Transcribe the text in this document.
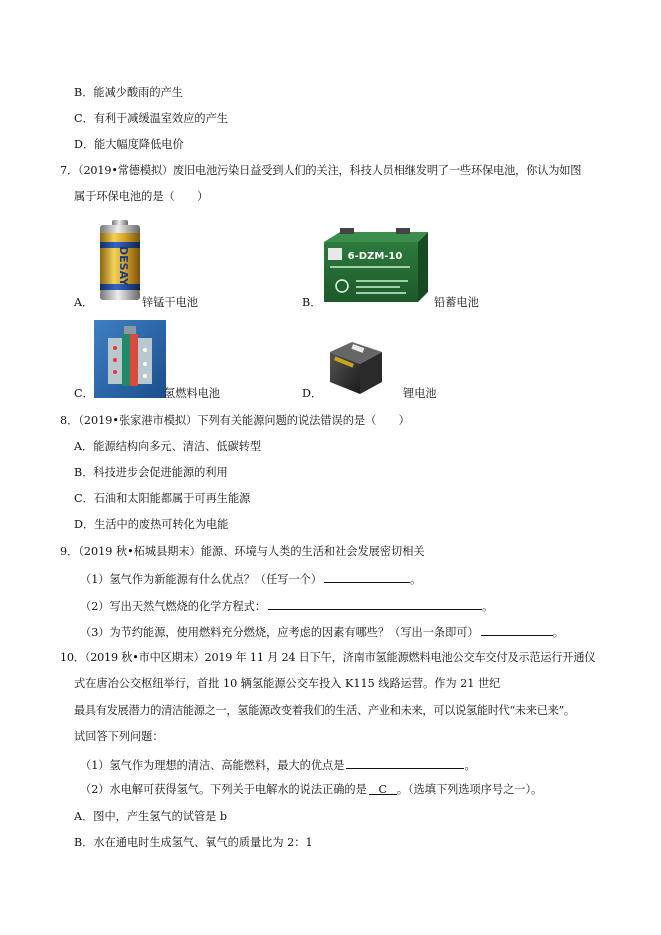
B．能减少酸雨的产生
C．有利于减缓温室效应的产生
D．能大幅度降低电价
7．（2019•常德模拟）废旧电池污染日益受到人们的关注，科技人员相继发明了一些环保电池，你认为如图
属于环保电池的是（　　）
A．
DESAY
锌锰干电池	B．
6-DZM-10
铅蓄电池
C．	氢燃料电池	D．	锂电池
8．（2019•张家港市模拟）下列有关能源问题的说法错误的是（　　）
A．能源结构向多元、清洁、低碳转型
B．科技进步会促进能源的利用
C．石油和太阳能都属于可再生能源
D．生活中的废热可转化为电能
9．（2019 秋•柘城县期末）能源、环境与人类的生活和社会发展密切相关
（1）氢气作为新能源有什么优点？（任写一个）	。
（2）写出天然气燃烧的化学方程式：	。
（3）为节约能源，使用燃料充分燃烧，应考虑的因素有哪些？（写出一条即可）	。
10．（2019 秋•市中区期末）2019 年 11 月 24 日下午，济南市氢能源燃料电池公交车交付及示范运行开通仪
式在唐冶公交枢纽举行，首批 10 辆氢能源公交车投入 K115 线路运营。作为 21 世纪
最具有发展潜力的清洁能源之一，氢能源改变着我们的生活、产业和未来，可以说氢能时代“未来已来”。
试回答下列问题：
（1）氢气作为理想的清洁、高能燃料，最大的优点是	。
（2）水电解可获得氢气。下列关于电解水的说法正确的是 C 。（选填下列选项序号之一）。
A．图中，产生氢气的试管是 b
B．水在通电时生成氢气、氧气的质量比为 2：1
